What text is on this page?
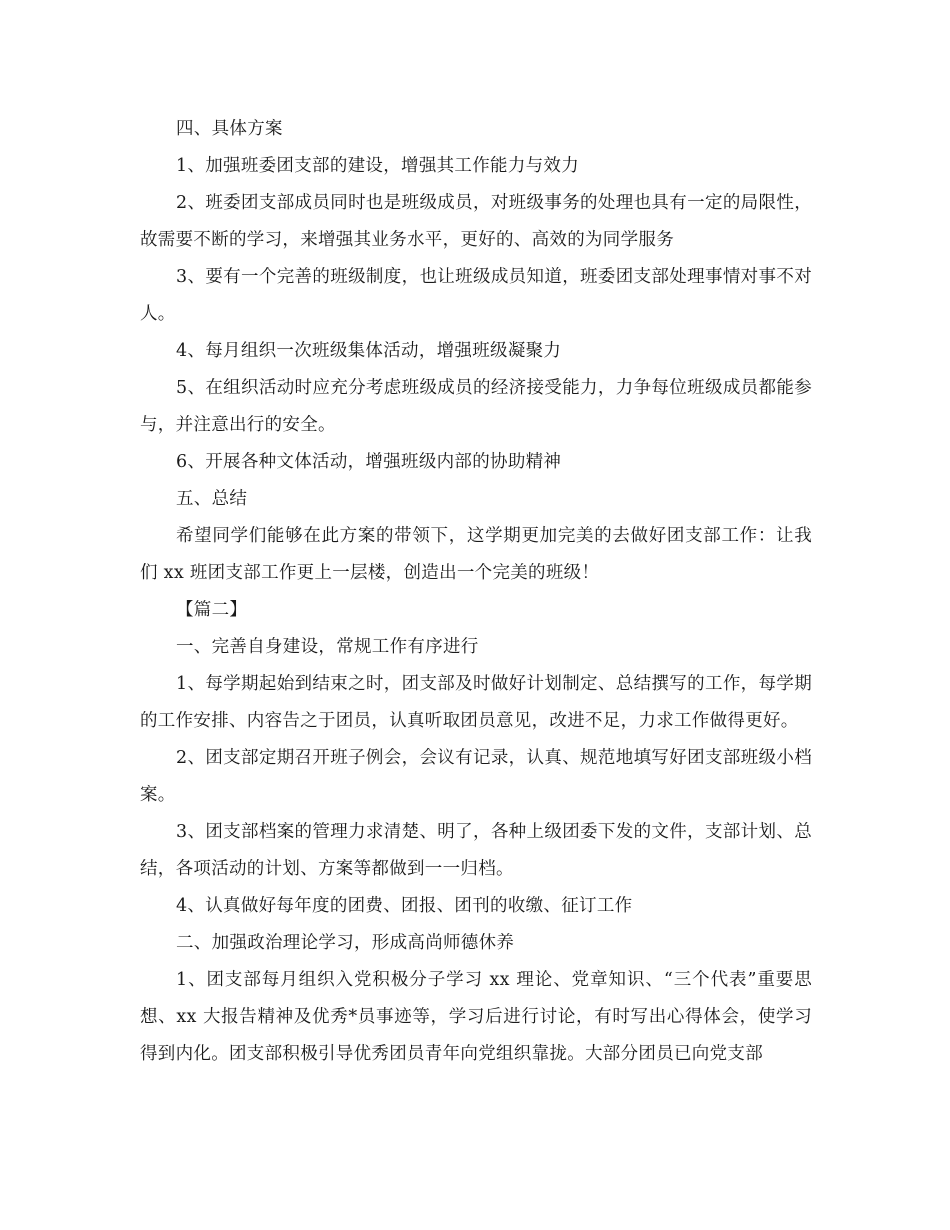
四、具体方案

1、加强班委团支部的建设，增强其工作能力与效力

2、班委团支部成员同时也是班级成员，对班级事务的处理也具有一定的局限性，故需要不断的学习，来增强其业务水平，更好的、高效的为同学服务

3、要有一个完善的班级制度，也让班级成员知道，班委团支部处理事情对事不对人。

4、每月组织一次班级集体活动，增强班级凝聚力

5、在组织活动时应充分考虑班级成员的经济接受能力，力争每位班级成员都能参与，并注意出行的安全。

6、开展各种文体活动，增强班级内部的协助精神

五、总结

希望同学们能够在此方案的带领下，这学期更加完美的去做好团支部工作：让我们 xx 班团支部工作更上一层楼，创造出一个完美的班级！

【篇二】

一、完善自身建设，常规工作有序进行

1、每学期起始到结束之时，团支部及时做好计划制定、总结撰写的工作，每学期的工作安排、内容告之于团员，认真听取团员意见，改进不足，力求工作做得更好。

2、团支部定期召开班子例会，会议有记录，认真、规范地填写好团支部班级小档案。

3、团支部档案的管理力求清楚、明了，各种上级团委下发的文件，支部计划、总结，各项活动的计划、方案等都做到一一归档。

4、认真做好每年度的团费、团报、团刊的收缴、征订工作

二、加强政治理论学习，形成高尚师德休养

1、团支部每月组织入党积极分子学习 xx 理论、党章知识、“三个代表”重要思想、xx 大报告精神及优秀*员事迹等，学习后进行讨论，有时写出心得体会，使学习得到内化。团支部积极引导优秀团员青年向党组织靠拢。大部分团员已向党支部
